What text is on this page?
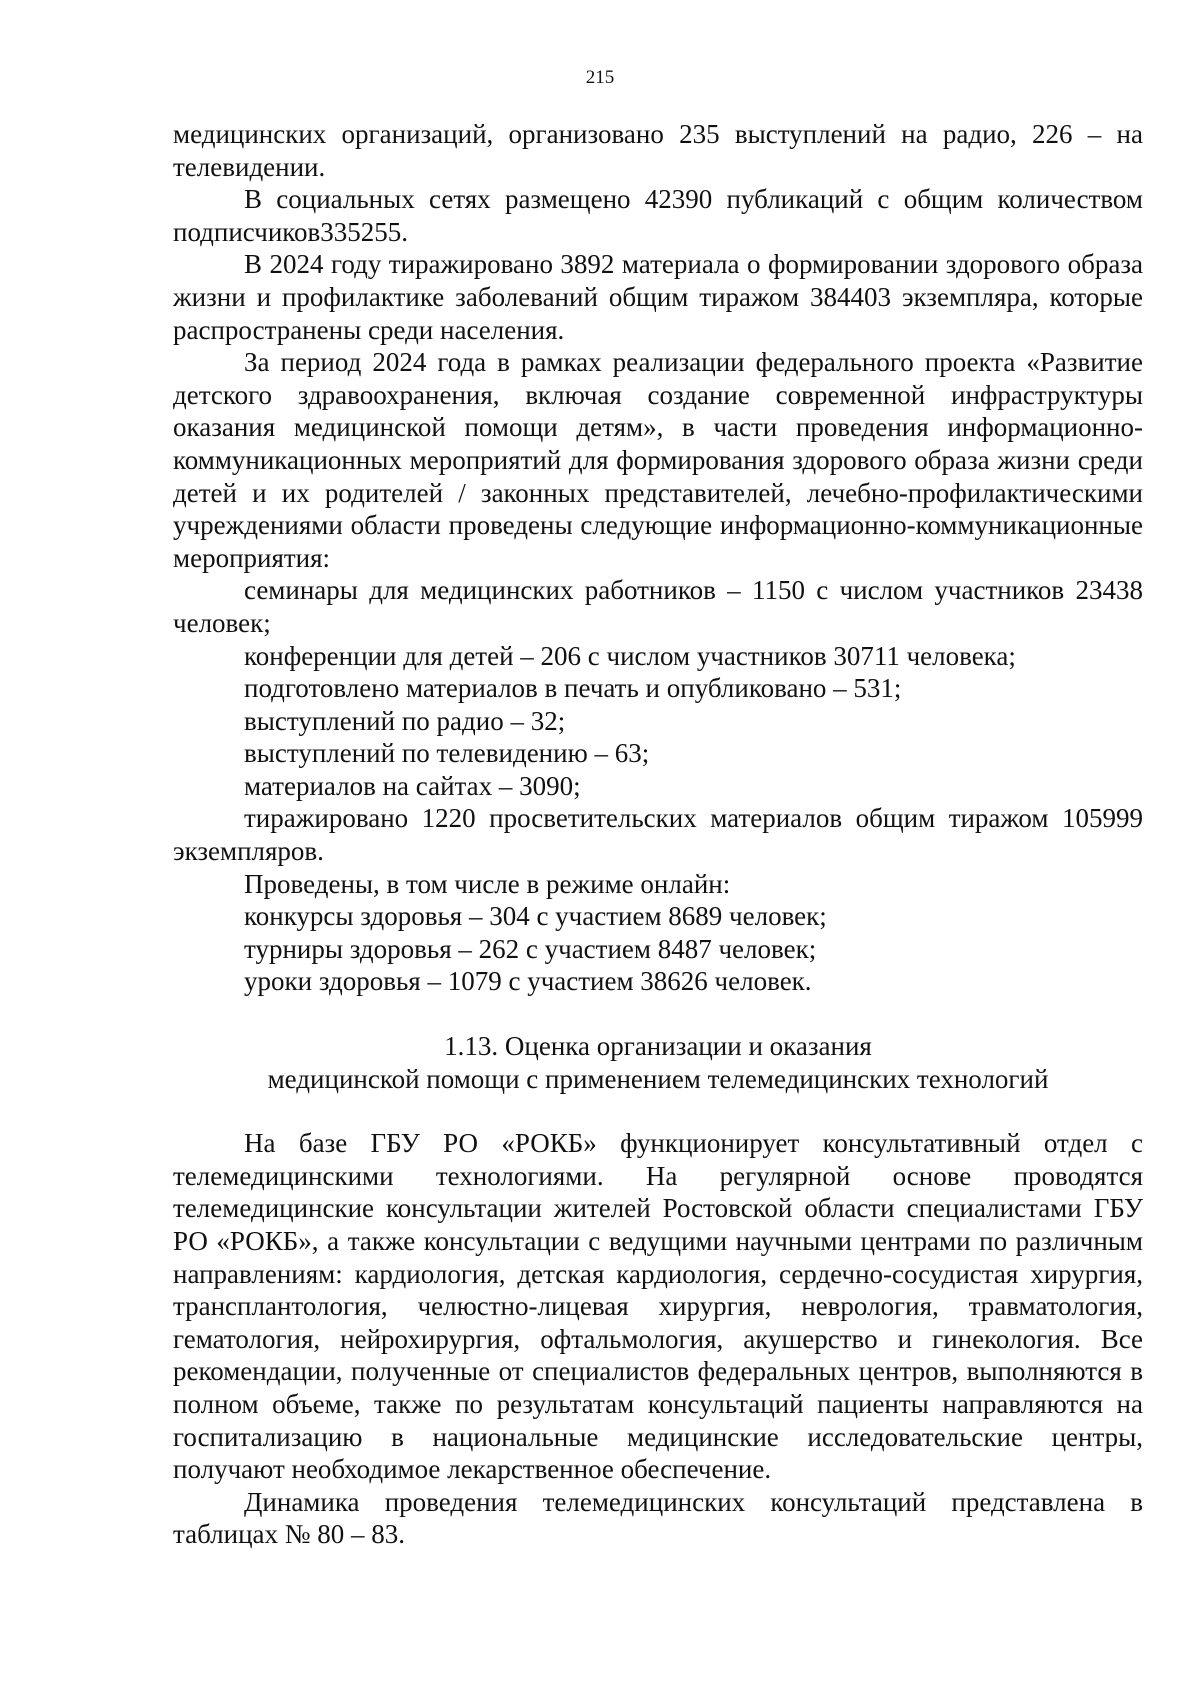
215

медицинских организаций, организовано 235 выступлений на радио, 226 – на телевидении.

В социальных сетях размещено 42390 публикаций с общим количеством подписчиков335255.

В 2024 году тиражировано 3892 материала о формировании здорового образа жизни и профилактике заболеваний общим тиражом 384403 экземпляра, которые распространены среди населения.

За период 2024 года в рамках реализации федерального проекта «Развитие детского здравоохранения, включая создание современной инфраструктуры оказания медицинской помощи детям», в части проведения информационно-коммуникационных мероприятий для формирования здорового образа жизни среди детей и их родителей / законных представителей, лечебно-профилактическими учреждениями области проведены следующие информационно-коммуникационные мероприятия:

семинары для медицинских работников – 1150 с числом участников 23438 человек;

конференции для детей – 206 с числом участников 30711 человека;

подготовлено материалов в печать и опубликовано – 531;

выступлений по радио – 32;

выступлений по телевидению – 63;

материалов на сайтах – 3090;

тиражировано 1220 просветительских материалов общим тиражом 105999 экземпляров.

Проведены, в том числе в режиме онлайн:

конкурсы здоровья – 304 с участием 8689 человек;

турниры здоровья – 262 с участием 8487 человек;

уроки здоровья – 1079 с участием 38626 человек.

1.13. Оценка организации и оказания
медицинской помощи с применением телемедицинских технологий

На базе ГБУ РО «РОКБ» функционирует консультативный отдел с телемедицинскими технологиями. На регулярной основе проводятся телемедицинские консультации жителей Ростовской области специалистами ГБУ РО «РОКБ», а также консультации с ведущими научными центрами по различным направлениям: кардиология, детская кардиология, сердечно-сосудистая хирургия, трансплантология, челюстно-лицевая хирургия, неврология, травматология, гематология, нейрохирургия, офтальмология, акушерство и гинекология. Все рекомендации, полученные от специалистов федеральных центров, выполняются в полном объеме, также по результатам консультаций пациенты направляются на госпитализацию в национальные медицинские исследовательские центры, получают необходимое лекарственное обеспечение.

Динамика проведения телемедицинских консультаций представлена в таблицах № 80 – 83.
